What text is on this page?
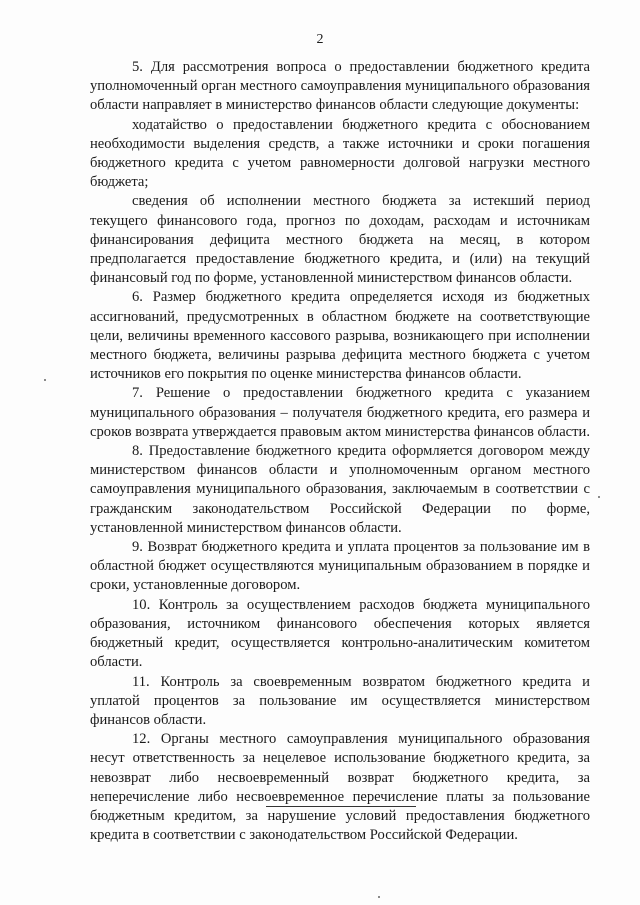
2

5. Для рассмотрения вопроса о предоставлении бюджетного кредита уполномоченный орган местного самоуправления муниципального образования области направляет в министерство финансов области следующие документы:

ходатайство о предоставлении бюджетного кредита с обоснованием необходимости выделения средств, а также источники и сроки погашения бюджетного кредита с учетом равномерности долговой нагрузки местного бюджета;

сведения об исполнении местного бюджета за истекший период текущего финансового года, прогноз по доходам, расходам и источникам финансирования дефицита местного бюджета на месяц, в котором предполагается предоставление бюджетного кредита, и (или) на текущий финансовый год по форме, установленной министерством финансов области.

6. Размер бюджетного кредита определяется исходя из бюджетных ассигнований, предусмотренных в областном бюджете на соответствующие цели, величины временного кассового разрыва, возникающего при исполнении местного бюджета, величины разрыва дефицита местного бюджета с учетом источников его покрытия по оценке министерства финансов области.

7. Решение о предоставлении бюджетного кредита с указанием муниципального образования – получателя бюджетного кредита, его размера и сроков возврата утверждается правовым актом министерства финансов области.

8. Предоставление бюджетного кредита оформляется договором между министерством финансов области и уполномоченным органом местного самоуправления муниципального образования, заключаемым в соответствии с гражданским законодательством Российской Федерации по форме, установленной министерством финансов области.

9. Возврат бюджетного кредита и уплата процентов за пользование им в областной бюджет осуществляются муниципальным образованием в порядке и сроки, установленные договором.

10. Контроль за осуществлением расходов бюджета муниципального образования, источником финансового обеспечения которых является бюджетный кредит, осуществляется контрольно-аналитическим комитетом области.

11. Контроль за своевременным возвратом бюджетного кредита и уплатой процентов за пользование им осуществляется министерством финансов области.

12. Органы местного самоуправления муниципального образования несут ответственность за нецелевое использование бюджетного кредита, за невозврат либо несвоевременный возврат бюджетного кредита, за неперечисление либо несвоевременное перечисление платы за пользование бюджетным кредитом, за нарушение условий предоставления бюджетного кредита в соответствии с законодательством Российской Федерации.
